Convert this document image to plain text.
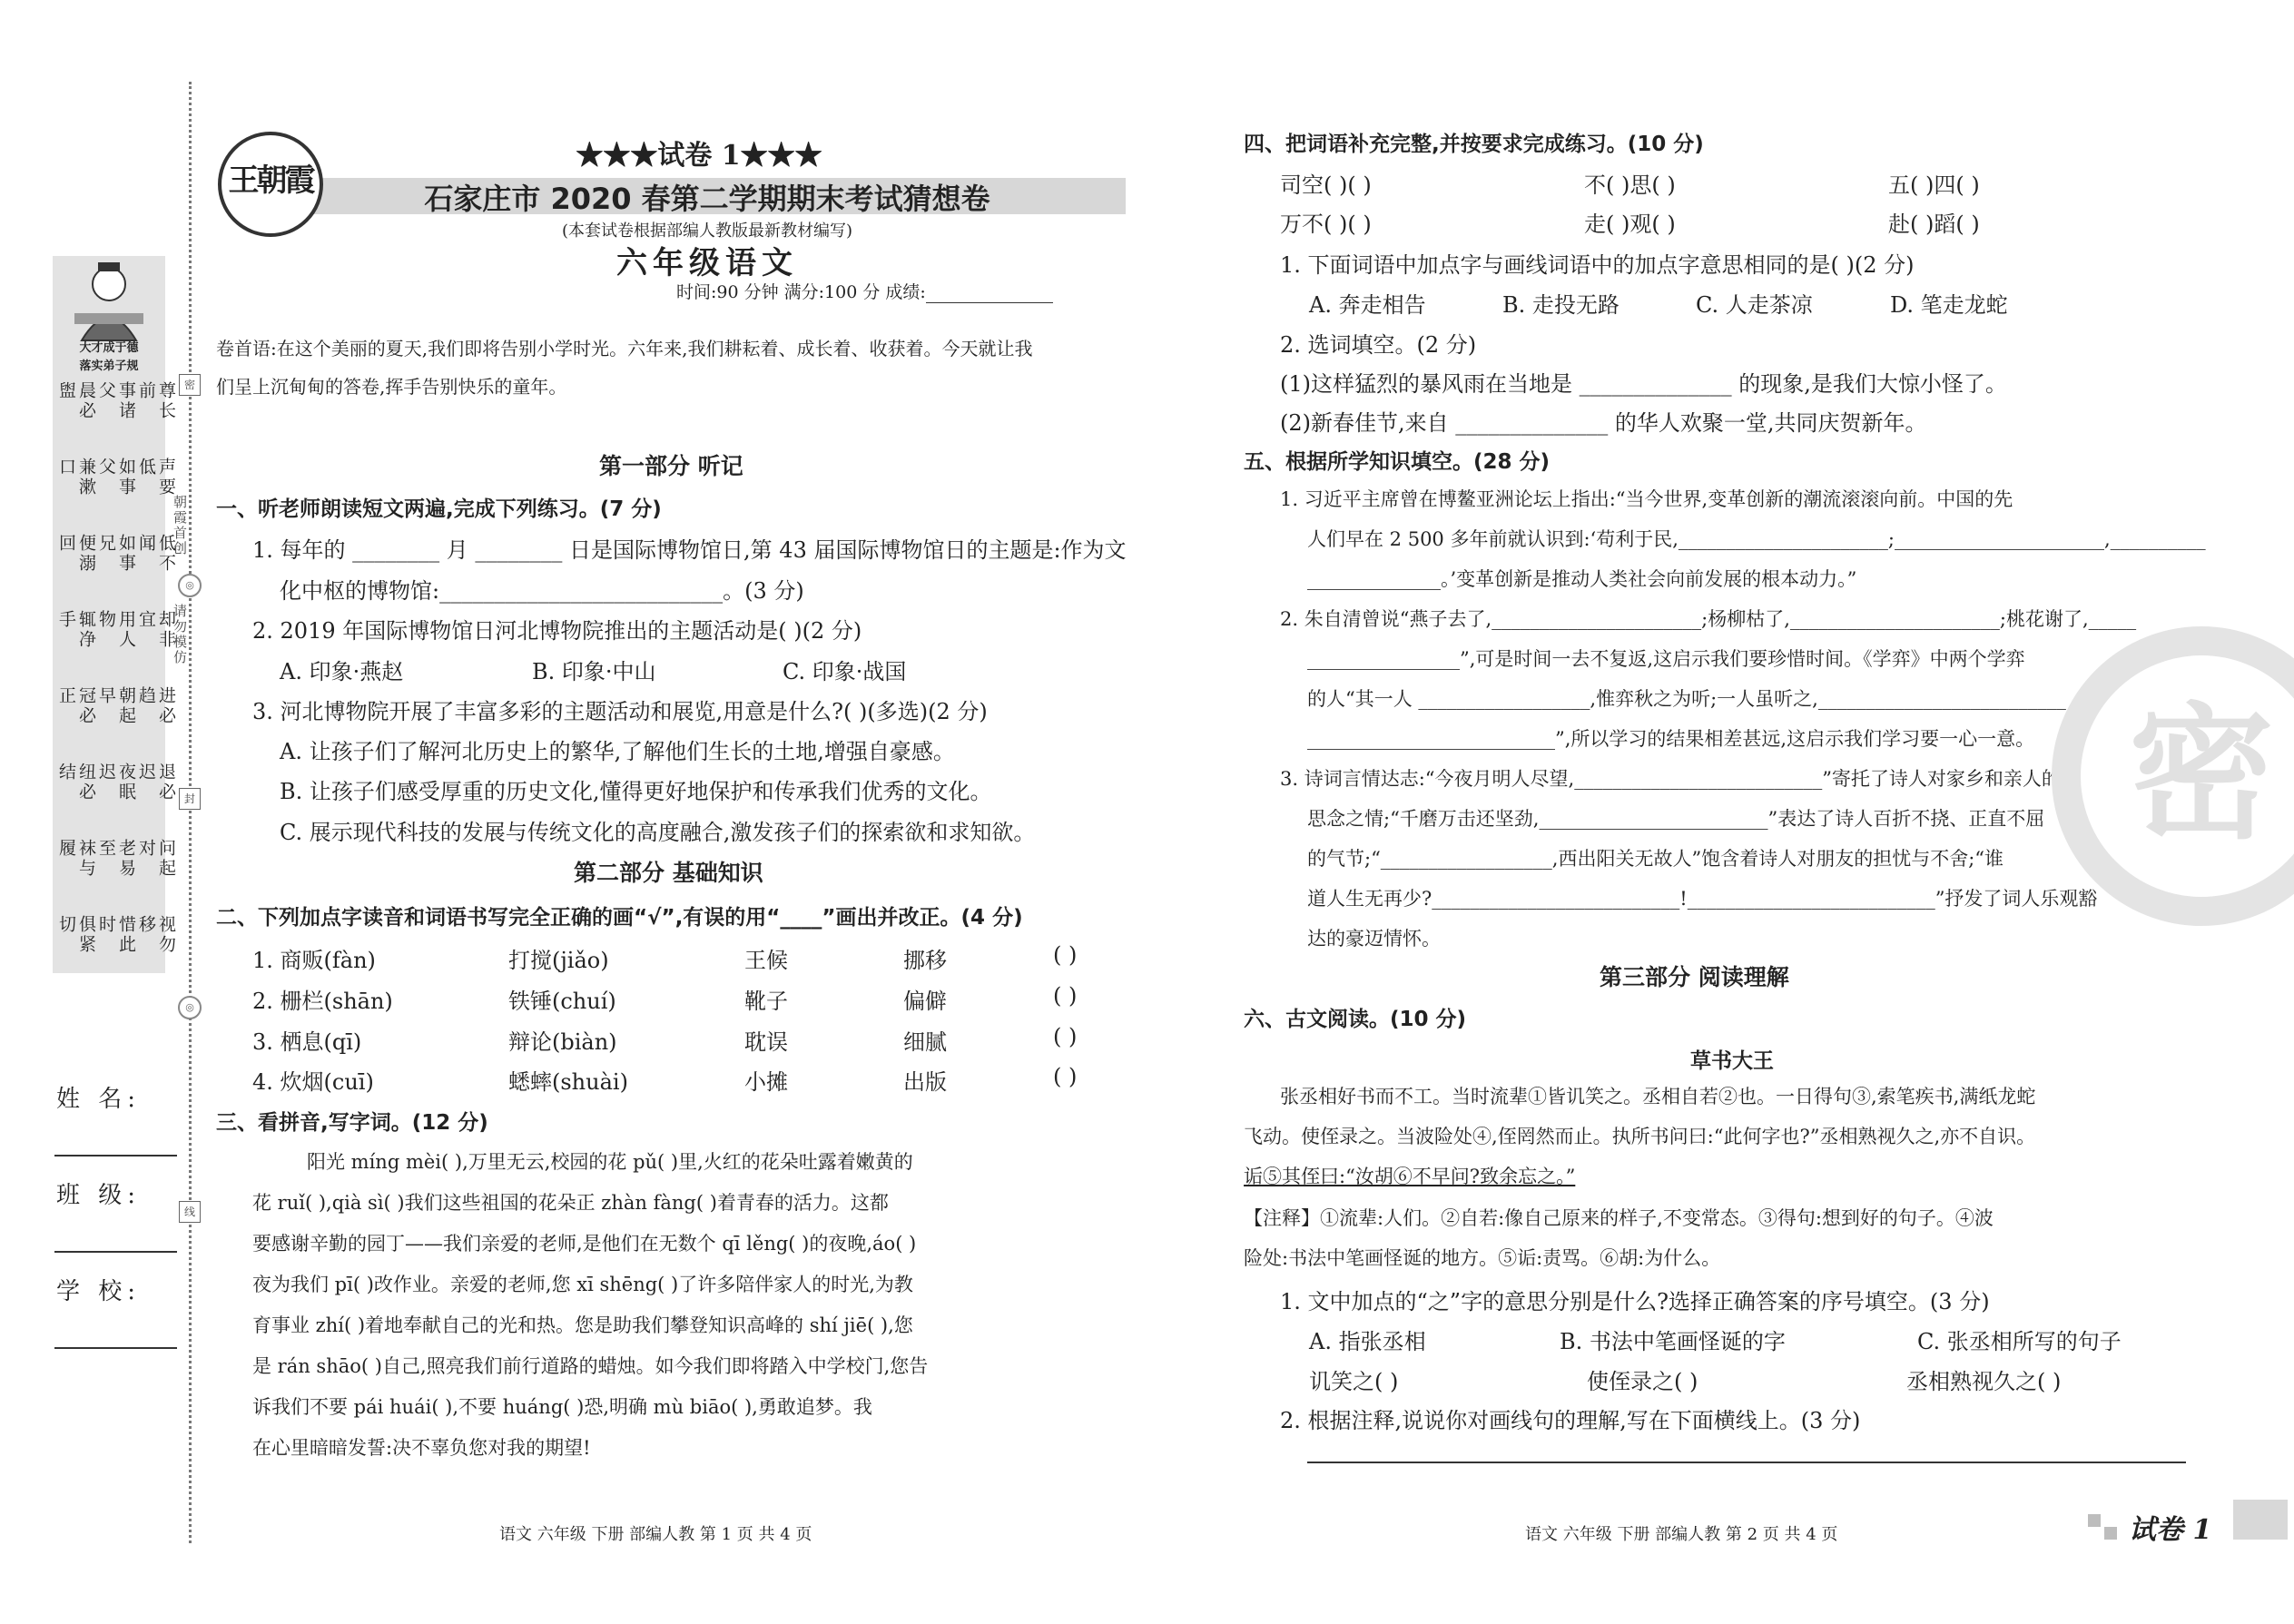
大才成于德
落实弟子规
晨必盥	事诸父	尊长前
兼漱口	如事父	声要低
便溺回	如事兄	低不闻
辄净手	用人物	却非宜
冠必正	朝起早	进必趋
纽必结	夜眠迟	退必迟
袜与履	老易至	问起对
俱紧切	惜此时	视勿移
朝霞首创
请勿模仿
密
◎
封
◎
线
姓 名:
班 级:
学 校:
王朝霞
★★★试卷 1★★★
石家庄市 2020 春第二学期期末考试猜想卷
(本套试卷根据部编人教版最新教材编写)
六年级语文
时间:90 分钟 满分:100 分 成绩:
卷首语:在这个美丽的夏天,我们即将告别小学时光。六年来,我们耕耘着、成长着、收获着。今天就让我
们呈上沉甸甸的答卷,挥手告别快乐的童年。
第一部分 听记
一、听老师朗读短文两遍,完成下列练习。(7 分)
1. 每年的 ________ 月 ________ 日是国际博物馆日,第 43 届国际博物馆日的主题是:作为文
化中枢的博物馆:__________________________。(3 分)
2. 2019 年国际博物馆日河北博物院推出的主题活动是( )(2 分)
A. 印象·燕赵	B. 印象·中山	C. 印象·战国
3. 河北博物院开展了丰富多彩的主题活动和展览,用意是什么?( )(多选)(2 分)
A. 让孩子们了解河北历史上的繁华,了解他们生长的土地,增强自豪感。
B. 让孩子们感受厚重的历史文化,懂得更好地保护和传承我们优秀的文化。
C. 展示现代科技的发展与传统文化的高度融合,激发孩子们的探索欲和求知欲。
第二部分 基础知识
二、下列加点字读音和词语书写完全正确的画“√”,有误的用“____”画出并改正。(4 分)
1. 商贩(fàn)	打搅(jiǎo)	王候	挪移	( )
2. 栅栏(shān)	铁锤(chuí)	靴子	偏僻	( )
3. 栖息(qī)	辩论(biàn)	耽误	细腻	( )
4. 炊烟(cuī)	蟋蟀(shuài)	小摊	出版	( )
三、看拼音,写字词。(12 分)
阳光 míng mèi( ),万里无云,校园的花 pǔ( )里,火红的花朵吐露着嫩黄的
花 ruǐ( ),qià sì( )我们这些祖国的花朵正 zhàn fàng( )着青春的活力。这都
要感谢辛勤的园丁——我们亲爱的老师,是他们在无数个 qī lěng( )的夜晚,áo( )
夜为我们 pī( )改作业。亲爱的老师,您 xī shēng( )了许多陪伴家人的时光,为教
育事业 zhí( )着地奉献自己的光和热。您是助我们攀登知识高峰的 shí jiē( ),您
是 rán shāo( )自己,照亮我们前行道路的蜡烛。如今我们即将踏入中学校门,您告
诉我们不要 pái huái( ),不要 huáng( )恐,明确 mù biāo( ),勇敢追梦。我
在心里暗暗发誓:决不辜负您对我的期望!
语文 六年级 下册 部编人教 第 1 页 共 4 页
四、把词语补充完整,并按要求完成练习。(10 分)
司空( )( )	不( )思( )	五( )四( )
万不( )( )	走( )观( )	赴( )蹈( )
1. 下面词语中加点字与画线词语中的加点字意思相同的是( )(2 分)
A. 奔走相告	B. 走投无路	C. 人走茶凉	D. 笔走龙蛇
2. 选词填空。(2 分)
(1)这样猛烈的暴风雨在当地是 ______________ 的现象,是我们大惊小怪了。
(2)新春佳节,来自 ______________ 的华人欢聚一堂,共同庆贺新年。
五、根据所学知识填空。(28 分)
1. 习近平主席曾在博鳌亚洲论坛上指出:“当今世界,变革创新的潮流滚滚向前。中国的先
人们早在 2 500 多年前就认识到:‘苟利于民,______________________;______________________,__________
______________。’变革创新是推动人类社会向前发展的根本动力。”
2. 朱自清曾说“燕子去了,______________________;杨柳枯了,______________________;桃花谢了,_____
________________”,可是时间一去不复返,这启示我们要珍惜时间。《学弈》中两个学弈
的人“其一人 __________________,惟弈秋之为听;一人虽听之,__________________________
__________________________”,所以学习的结果相差甚远,这启示我们学习要一心一意。
3. 诗词言情达志:“今夜月明人尽望,__________________________”寄托了诗人对家乡和亲人的
思念之情;“千磨万击还坚劲,________________________”表达了诗人百折不挠、正直不屈
的气节;“__________________,西出阳关无故人”饱含着诗人对朋友的担忧与不舍;“谁
道人生无再少?__________________________!__________________________”抒发了词人乐观豁
达的豪迈情怀。
第三部分 阅读理解
六、古文阅读。(10 分)
草书大王
张丞相好书而不工。当时流辈①皆讥笑之。丞相自若②也。一日得句③,索笔疾书,满纸龙蛇
飞动。使侄录之。当波险处④,侄罔然而止。执所书问曰:“此何字也?”丞相熟视久之,亦不自识。
诟⑤其侄曰:“汝胡⑥不早问?致余忘之。”
【注释】①流辈:人们。②自若:像自己原来的样子,不变常态。③得句:想到好的句子。④波
险处:书法中笔画怪诞的地方。⑤诟:责骂。⑥胡:为什么。
1. 文中加点的“之”字的意思分别是什么?选择正确答案的序号填空。(3 分)
A. 指张丞相	B. 书法中笔画怪诞的字	C. 张丞相所写的句子
讥笑之( )	使侄录之( )	丞相熟视久之( )
2. 根据注释,说说你对画线句的理解,写在下面横线上。(3 分)
语文 六年级 下册 部编人教 第 2 页 共 4 页
密
试卷 1
